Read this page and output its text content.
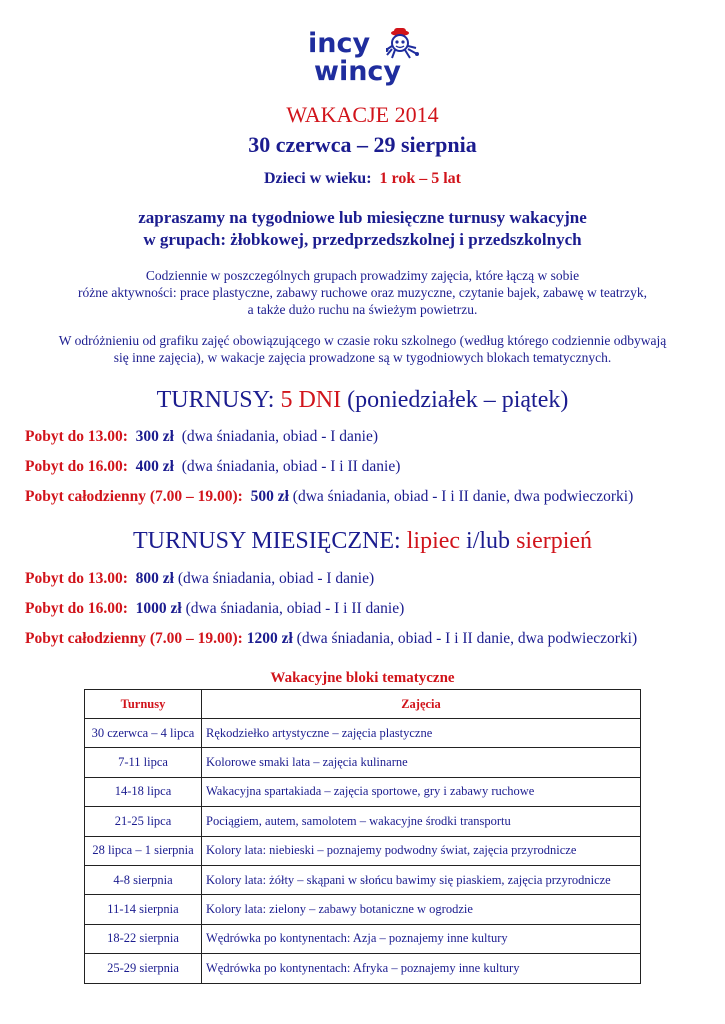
incy
wincy
WAKACJE 2014
30 czerwca – 29 sierpnia
Dzieci w wieku: 1 rok – 5 lat
zapraszamy na tygodniowe lub miesięczne turnusy wakacyjne
w grupach: żłobkowej, przedprzedszkolnej i przedszkolnych
Codziennie w poszczególnych grupach prowadzimy zajęcia, które łączą w sobie
różne aktywności: prace plastyczne, zabawy ruchowe oraz muzyczne, czytanie bajek, zabawę w teatrzyk,
a także dużo ruchu na świeżym powietrzu.
W odróżnieniu od grafiku zajęć obowiązującego w czasie roku szkolnego (według którego codziennie odbywają
się inne zajęcia), w wakacje zajęcia prowadzone są w tygodniowych blokach tematycznych.
TURNUSY: 5 DNI (poniedziałek – piątek)
Pobyt do 13.00: 300 zł (dwa śniadania, obiad - I danie)
Pobyt do 16.00: 400 zł (dwa śniadania, obiad - I i II danie)
Pobyt całodzienny (7.00 – 19.00): 500 zł (dwa śniadania, obiad - I i II danie, dwa podwieczorki)
TURNUSY MIESIĘCZNE: lipiec i/lub sierpień
Pobyt do 13.00: 800 zł (dwa śniadania, obiad - I danie)
Pobyt do 16.00: 1000 zł (dwa śniadania, obiad - I i II danie)
Pobyt całodzienny (7.00 – 19.00): 1200 zł (dwa śniadania, obiad - I i II danie, dwa podwieczorki)
Wakacyjne bloki tematyczne
Turnusy	Zajęcia
30 czerwca – 4 lipca	Rękodziełko artystyczne – zajęcia plastyczne
7-11 lipca	Kolorowe smaki lata – zajęcia kulinarne
14-18 lipca	Wakacyjna spartakiada – zajęcia sportowe, gry i zabawy ruchowe
21-25 lipca	Pociągiem, autem, samolotem – wakacyjne środki transportu
28 lipca – 1 sierpnia	Kolory lata: niebieski – poznajemy podwodny świat, zajęcia przyrodnicze
4-8 sierpnia	Kolory lata: żółty – skąpani w słońcu bawimy się piaskiem, zajęcia przyrodnicze
11-14 sierpnia	Kolory lata: zielony – zabawy botaniczne w ogrodzie
18-22 sierpnia	Wędrówka po kontynentach: Azja – poznajemy inne kultury
25-29 sierpnia	Wędrówka po kontynentach: Afryka – poznajemy inne kultury
